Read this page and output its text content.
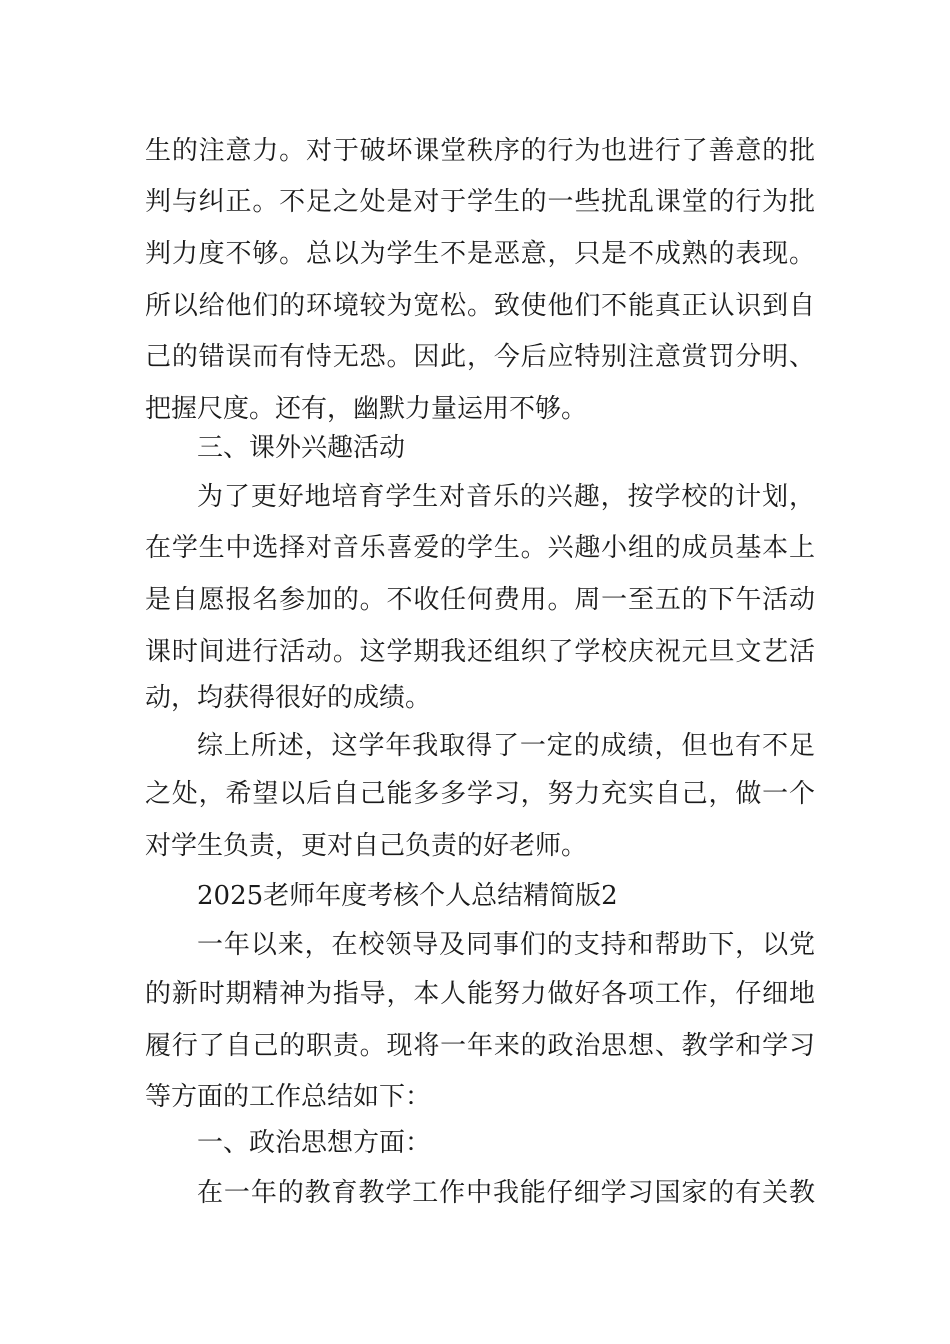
生的注意力。对于破坏课堂秩序的行为也进行了善意的批
判与纠正。不足之处是对于学生的一些扰乱课堂的行为批
判力度不够。总以为学生不是恶意，只是不成熟的表现。
所以给他们的环境较为宽松。致使他们不能真正认识到自
己的错误而有恃无恐。因此，今后应特别注意赏罚分明、
把握尺度。还有，幽默力量运用不够。
三、课外兴趣活动
为了更好地培育学生对音乐的兴趣，按学校的计划，
在学生中选择对音乐喜爱的学生。兴趣小组的成员基本上
是自愿报名参加的。不收任何费用。周一至五的下午活动
课时间进行活动。这学期我还组织了学校庆祝元旦文艺活
动，均获得很好的成绩。
综上所述，这学年我取得了一定的成绩，但也有不足
之处，希望以后自己能多多学习，努力充实自己，做一个
对学生负责，更对自己负责的好老师。
2025老师年度考核个人总结精简版2
一年以来，在校领导及同事们的支持和帮助下，以党
的新时期精神为指导，本人能努力做好各项工作，仔细地
履行了自己的职责。现将一年来的政治思想、教学和学习
等方面的工作总结如下：
一、政治思想方面：
在一年的教育教学工作中我能仔细学习国家的有关教
